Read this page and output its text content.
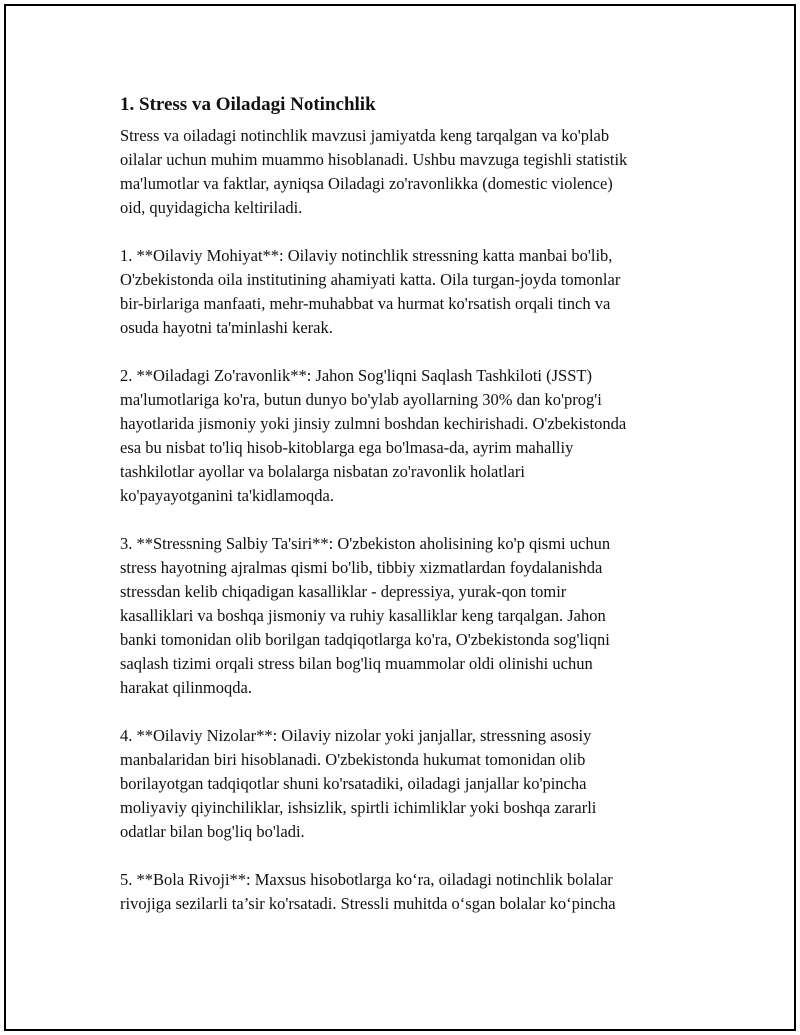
1. Stress va Oiladagi Notinchlik

Stress va oiladagi notinchlik mavzusi jamiyatda keng tarqalgan va ko'plab
oilalar uchun muhim muammo hisoblanadi. Ushbu mavzuga tegishli statistik
ma'lumotlar va faktlar, ayniqsa Oiladagi zo'ravonlikka (domestic violence)
oid, quyidagicha keltiriladi.

1. **Oilaviy Mohiyat**: Oilaviy notinchlik stressning katta manbai bo'lib,
O'zbekistonda oila institutining ahamiyati katta. Oila turgan-joyda tomonlar
bir-birlariga manfaati, mehr-muhabbat va hurmat ko'rsatish orqali tinch va
osuda hayotni ta'minlashi kerak.

2. **Oiladagi Zo'ravonlik**: Jahon Sog'liqni Saqlash Tashkiloti (JSST)
ma'lumotlariga ko'ra, butun dunyo bo'ylab ayollarning 30% dan ko'prog'i
hayotlarida jismoniy yoki jinsiy zulmni boshdan kechirishadi. O'zbekistonda
esa bu nisbat to'liq hisob-kitoblarga ega bo'lmasa-da, ayrim mahalliy
tashkilotlar ayollar va bolalarga nisbatan zo'ravonlik holatlari
ko'payayotganini ta'kidlamoqda.

3. **Stressning Salbiy Ta'siri**: O'zbekiston aholisining ko'p qismi uchun
stress hayotning ajralmas qismi bo'lib, tibbiy xizmatlardan foydalanishda
stressdan kelib chiqadigan kasalliklar - depressiya, yurak-qon tomir
kasalliklari va boshqa jismoniy va ruhiy kasalliklar keng tarqalgan. Jahon
banki tomonidan olib borilgan tadqiqotlarga ko'ra, O'zbekistonda sog'liqni
saqlash tizimi orqali stress bilan bog'liq muammolar oldi olinishi uchun
harakat qilinmoqda.

4. **Oilaviy Nizolar**: Oilaviy nizolar yoki janjallar, stressning asosiy
manbalaridan biri hisoblanadi. O'zbekistonda hukumat tomonidan olib
borilayotgan tadqiqotlar shuni ko'rsatadiki, oiladagi janjallar ko'pincha
moliyaviy qiyinchiliklar, ishsizlik, spirtli ichimliklar yoki boshqa zararli
odatlar bilan bog'liq bo'ladi.

5. **Bola Rivoji**: Maxsus hisobotlarga ko‘ra, oiladagi notinchlik bolalar
rivojiga sezilarli ta’sir ko'rsatadi. Stressli muhitda o‘sgan bolalar ko‘pincha
